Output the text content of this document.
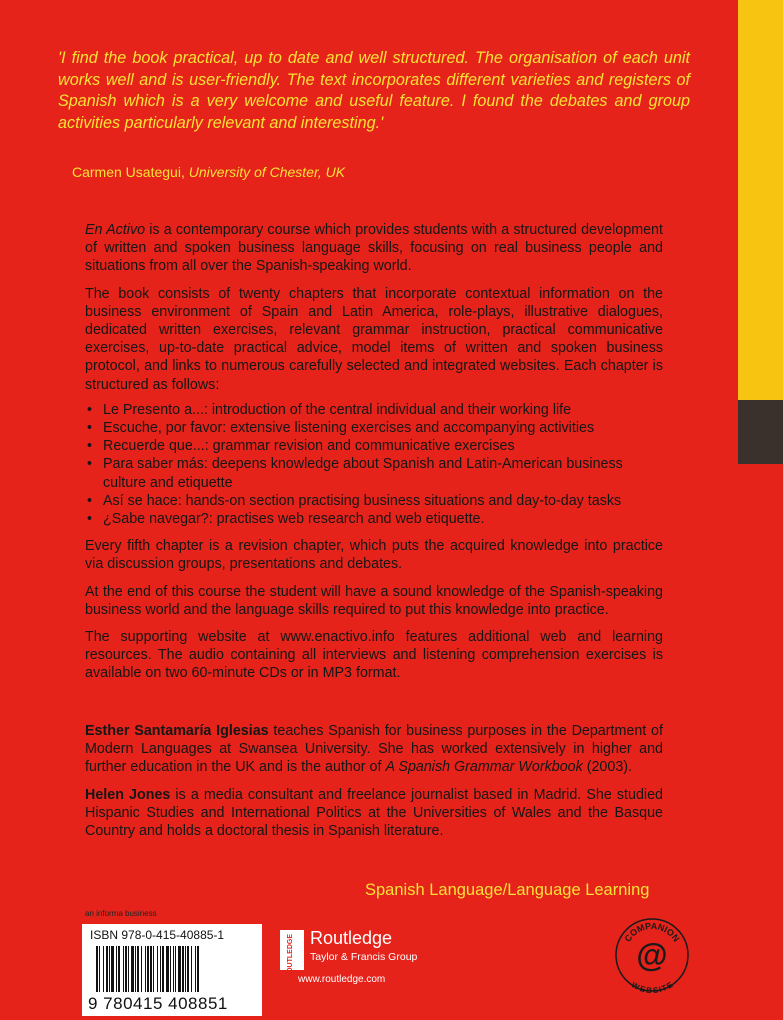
'I find the book practical, up to date and well structured. The organisation of each unit works well and is user-friendly. The text incorporates different varieties and registers of Spanish which is a very welcome and useful feature. I found the debates and group activities particularly relevant and interesting.'

Carmen Usategui, University of Chester, UK

En Activo is a contemporary course which provides students with a structured development of written and spoken business language skills, focusing on real business people and situations from all over the Spanish-speaking world.

The book consists of twenty chapters that incorporate contextual information on the business environment of Spain and Latin America, role-plays, illustrative dialogues, dedicated written exercises, relevant grammar instruction, practical communicative exercises, up-to-date practical advice, model items of written and spoken business protocol, and links to numerous carefully selected and integrated websites. Each chapter is structured as follows:

• Le Presento a...: introduction of the central individual and their working life
• Escuche, por favor: extensive listening exercises and accompanying activities
• Recuerde que...: grammar revision and communicative exercises
• Para saber más: deepens knowledge about Spanish and Latin-American business culture and etiquette
• Así se hace: hands-on section practising business situations and day-to-day tasks
• ¿Sabe navegar?: practises web research and web etiquette.

Every fifth chapter is a revision chapter, which puts the acquired knowledge into practice via discussion groups, presentations and debates.

At the end of this course the student will have a sound knowledge of the Spanish-speaking business world and the language skills required to put this knowledge into practice.

The supporting website at www.enactivo.info features additional web and learning resources. The audio containing all interviews and listening comprehension exercises is available on two 60-minute CDs or in MP3 format.

Esther Santamaría Iglesias teaches Spanish for business purposes in the Department of Modern Languages at Swansea University. She has worked extensively in higher and further education in the UK and is the author of A Spanish Grammar Workbook (2003).

Helen Jones is a media consultant and freelance journalist based in Madrid. She studied Hispanic Studies and International Politics at the Universities of Wales and the Basque Country and holds a doctoral thesis in Spanish literature.

Spanish Language/Language Learning

an informa business
ISBN 978-0-415-40885-1
9 780415 408851
ROUTLEDGE Routledge
Taylor & Francis Group
www.routledge.com
COMPANION
WEBSITE
@
